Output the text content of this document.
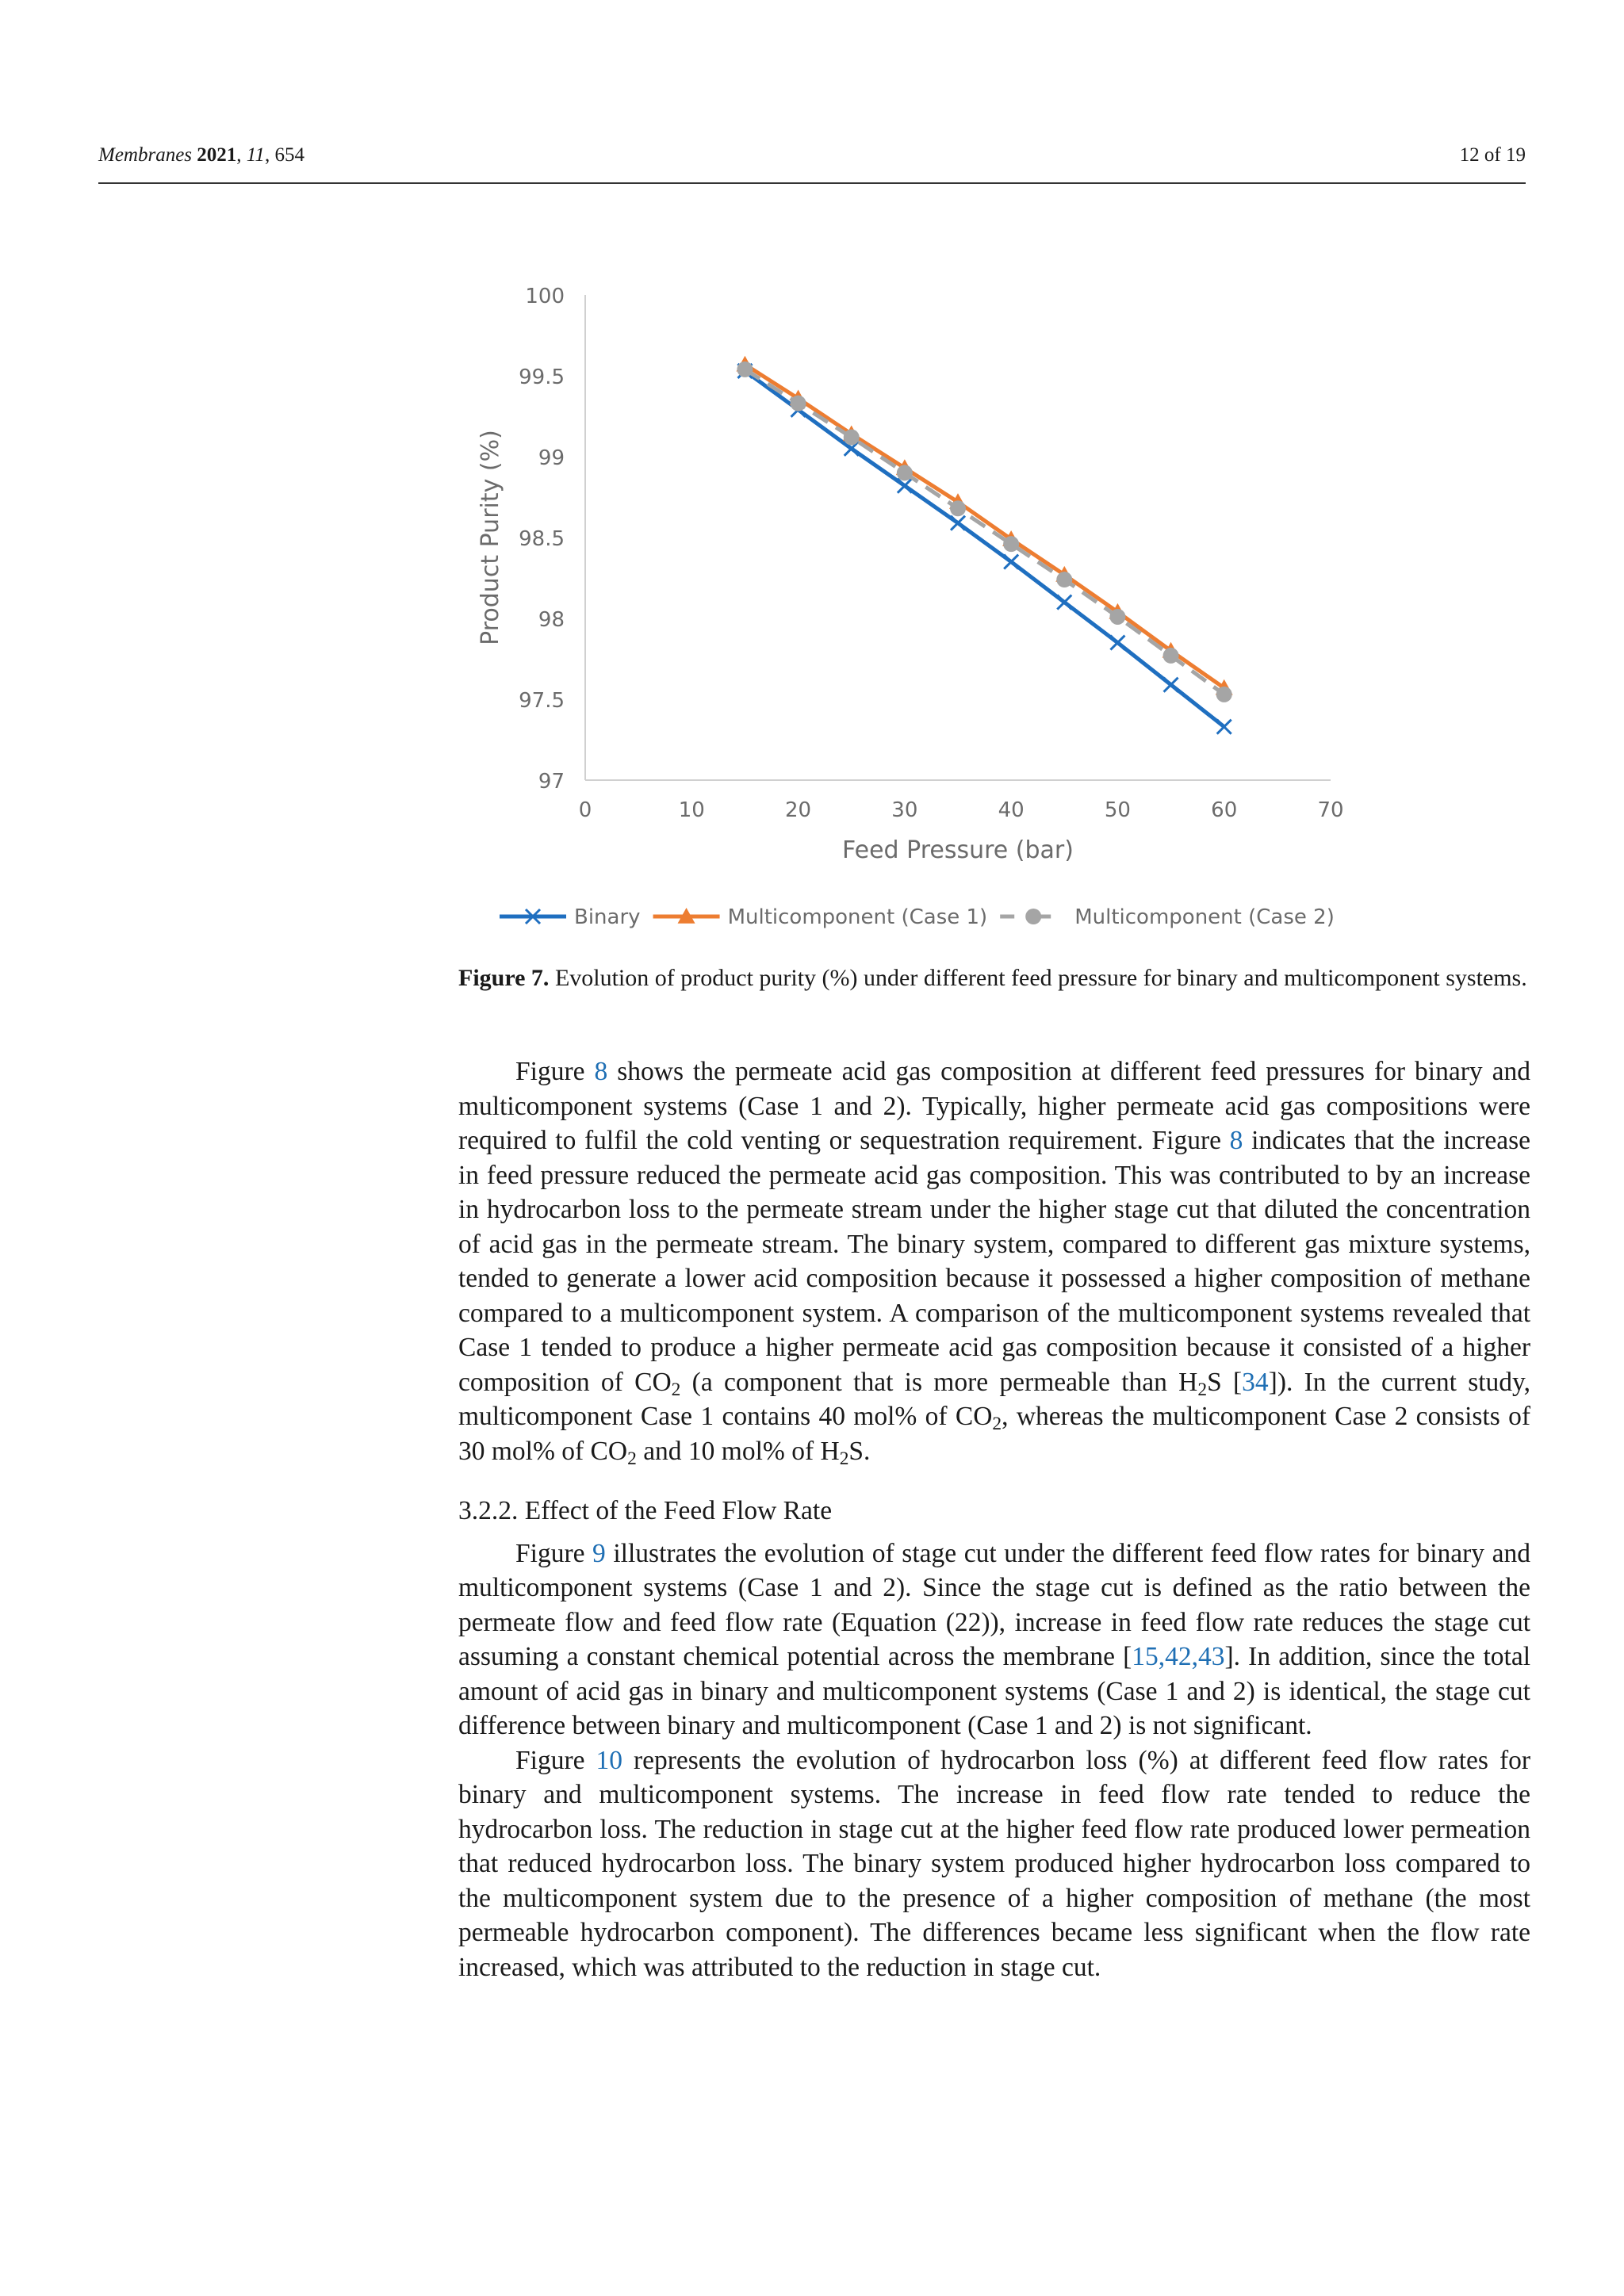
Membranes 2021, 11, 654	12 of 19
97
97.5
98
98.5
99
99.5
100
0	10	20	30	40	50	60	70
Feed Pressure (bar)
Product Purity (%)
Binary	Multicomponent (Case 1)	Multicomponent (Case 2)
Figure 7. Evolution of product purity (%) under different feed pressure for binary and multicomponent systems.

Figure 8 shows the permeate acid gas composition at different feed pressures for binary and multicomponent systems (Case 1 and 2). Typically, higher permeate acid gas compositions were required to fulfil the cold venting or sequestration requirement. Figure 8 indicates that the increase in feed pressure reduced the permeate acid gas composition. This was contributed to by an increase in hydrocarbon loss to the permeate stream under the higher stage cut that diluted the concentration of acid gas in the permeate stream. The binary system, compared to different gas mixture systems, tended to generate a lower acid composition because it possessed a higher composition of methane compared to a multicomponent system. A comparison of the multicomponent systems revealed that Case 1 tended to produce a higher permeate acid gas composition because it consisted of a higher composition of $CO_2$ (a component that is more permeable than $H_2S$ [34]). In the current study, multicomponent Case 1 contains 40 mol% of $CO_2$, whereas the multicomponent Case 2 consists of 30 mol% of $CO_2$ and 10 mol% of $H_2S$.

3.2.2. Effect of the Feed Flow Rate

Figure 9 illustrates the evolution of stage cut under the different feed flow rates for binary and multicomponent systems (Case 1 and 2). Since the stage cut is defined as the ratio between the permeate flow and feed flow rate (Equation (22)), increase in feed flow rate reduces the stage cut assuming a constant chemical potential across the membrane [15,42,43]. In addition, since the total amount of acid gas in binary and multicomponent systems (Case 1 and 2) is identical, the stage cut difference between binary and multicomponent (Case 1 and 2) is not significant.

Figure 10 represents the evolution of hydrocarbon loss (%) at different feed flow rates for binary and multicomponent systems. The increase in feed flow rate tended to reduce the hydrocarbon loss. The reduction in stage cut at the higher feed flow rate produced lower permeation that reduced hydrocarbon loss. The binary system produced higher hydrocarbon loss compared to the multicomponent system due to the presence of a higher composition of methane (the most permeable hydrocarbon component). The differences became less significant when the flow rate increased, which was attributed to the reduction in stage cut.
